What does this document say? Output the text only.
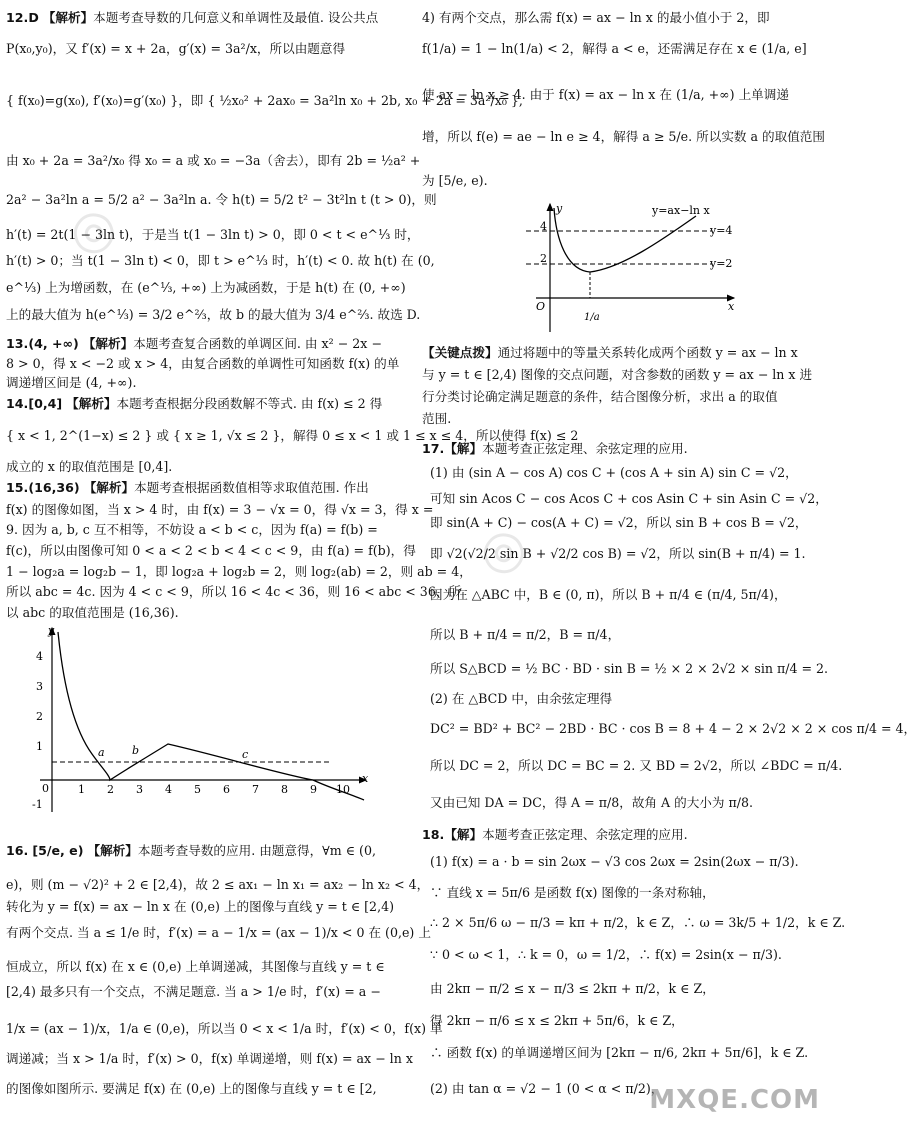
12.D 【解析】本题考查导数的几何意义和单调性及最值. 设公共点
P(x₀,y₀)，又 f′(x) = x + 2a，g′(x) = 3a²/x，所以由题意得
{ f(x₀)=g(x₀), f′(x₀)=g′(x₀) }，即 { ½x₀² + 2ax₀ = 3a²ln x₀ + 2b, x₀ + 2a = 3a²/x₀ },
由 x₀ + 2a = 3a²/x₀ 得 x₀ = a 或 x₀ = −3a（舍去），即有 2b = ½a² +
2a² − 3a²ln a = 5/2 a² − 3a²ln a. 令 h(t) = 5/2 t² − 3t²ln t (t > 0)，则
h′(t) = 2t(1 − 3ln t)，于是当 t(1 − 3ln t) > 0，即 0 < t < e^⅓ 时，
h′(t) > 0；当 t(1 − 3ln t) < 0，即 t > e^⅓ 时，h′(t) < 0. 故 h(t) 在 (0,
e^⅓) 上为增函数，在 (e^⅓, +∞) 上为减函数，于是 h(t) 在 (0, +∞)
上的最大值为 h(e^⅓) = 3/2 e^⅔，故 b 的最大值为 3/4 e^⅔. 故选 D.
13.(4, +∞) 【解析】本题考查复合函数的单调区间. 由 x² − 2x −
8 > 0，得 x < −2 或 x > 4，由复合函数的单调性可知函数 f(x) 的单
调递增区间是 (4, +∞).
14.[0,4] 【解析】本题考查根据分段函数解不等式. 由 f(x) ≤ 2 得
{ x < 1, 2^(1−x) ≤ 2 } 或 { x ≥ 1, √x ≤ 2 }，解得 0 ≤ x < 1 或 1 ≤ x ≤ 4，所以使得 f(x) ≤ 2
成立的 x 的取值范围是 [0,4].
15.(16,36) 【解析】本题考查根据函数值相等求取值范围. 作出
f(x) 的图像如图，当 x > 4 时，由 f(x) = 3 − √x = 0，得 √x = 3，得 x =
9. 因为 a, b, c 互不相等，不妨设 a < b < c，因为 f(a) = f(b) =
f(c)，所以由图像可知 0 < a < 2 < b < 4 < c < 9，由 f(a) = f(b)，得
1 − log₂a = log₂b − 1，即 log₂a + log₂b = 2，则 log₂(ab) = 2，则 ab = 4，
所以 abc = 4c. 因为 4 < c < 9，所以 16 < 4c < 36，则 16 < abc < 36，所
以 abc 的取值范围是 (16,36).
y
x
4
3
2
1
0
-1
1 2 3 4 5 6 7 8 9 10
a b	c
16. [5/e, e) 【解析】本题考查导数的应用. 由题意得，∀m ∈ (0,
e)，则 (m − √2)² + 2 ∈ [2,4)，故 2 ≤ ax₁ − ln x₁ = ax₂ − ln x₂ < 4，
转化为 y = f(x) = ax − ln x 在 (0,e) 上的图像与直线 y = t ∈ [2,4)
有两个交点. 当 a ≤ 1/e 时，f′(x) = a − 1/x = (ax − 1)/x < 0 在 (0,e) 上
恒成立，所以 f(x) 在 x ∈ (0,e) 上单调递减，其图像与直线 y = t ∈
[2,4) 最多只有一个交点，不满足题意. 当 a > 1/e 时，f′(x) = a −
1/x = (ax − 1)/x，1/a ∈ (0,e)，所以当 0 < x < 1/a 时，f′(x) < 0，f(x) 单
调递减；当 x > 1/a 时，f′(x) > 0，f(x) 单调递增，则 f(x) = ax − ln x
的图像如图所示. 要满足 f(x) 在 (0,e) 上的图像与直线 y = t ∈ [2,
4) 有两个交点，那么需 f(x) = ax − ln x 的最小值小于 2，即
f(1/a) = 1 − ln(1/a) < 2，解得 a < e，还需满足存在 x ∈ (1/a, e]
使 ax − ln x ≥ 4. 由于 f(x) = ax − ln x 在 (1/a, +∞) 上单调递
增，所以 f(e) = ae − ln e ≥ 4，解得 a ≥ 5/e. 所以实数 a 的取值范围
为 [5/e, e).
y
x
O
4
2
y=4
y=2
y=ax−ln x
1/a
【关键点拨】通过将题中的等量关系转化成两个函数 y = ax − ln x
与 y = t ∈ [2,4) 图像的交点问题，对含参数的函数 y = ax − ln x 进
行分类讨论确定满足题意的条件，结合图像分析，求出 a 的取值
范围.
17.【解】本题考查正弦定理、余弦定理的应用.
(1) 由 (sin A − cos A) cos C + (cos A + sin A) sin C = √2，
可知 sin Acos C − cos Acos C + cos Asin C + sin Asin C = √2，
即 sin(A + C) − cos(A + C) = √2，所以 sin B + cos B = √2，
即 √2(√2/2 sin B + √2/2 cos B) = √2，所以 sin(B + π/4) = 1.
因为在 △ABC 中，B ∈ (0, π)，所以 B + π/4 ∈ (π/4, 5π/4)，
所以 B + π/4 = π/2，B = π/4，
所以 S△BCD = ½ BC · BD · sin B = ½ × 2 × 2√2 × sin π/4 = 2.
(2) 在 △BCD 中，由余弦定理得
DC² = BD² + BC² − 2BD · BC · cos B = 8 + 4 − 2 × 2√2 × 2 × cos π/4 = 4，
所以 DC = 2，所以 DC = BC = 2. 又 BD = 2√2，所以 ∠BDC = π/4.
又由已知 DA = DC，得 A = π/8，故角 A 的大小为 π/8.
18.【解】本题考查正弦定理、余弦定理的应用.
(1) f(x) = a · b = sin 2ωx − √3 cos 2ωx = 2sin(2ωx − π/3).
∵ 直线 x = 5π/6 是函数 f(x) 图像的一条对称轴，
∴ 2 × 5π/6 ω − π/3 = kπ + π/2，k ∈ Z，∴ ω = 3k/5 + 1/2，k ∈ Z.
∵ 0 < ω < 1，∴ k = 0，ω = 1/2，∴ f(x) = 2sin(x − π/3).
由 2kπ − π/2 ≤ x − π/3 ≤ 2kπ + π/2，k ∈ Z，
得 2kπ − π/6 ≤ x ≤ 2kπ + 5π/6，k ∈ Z，
∴ 函数 f(x) 的单调递增区间为 [2kπ − π/6, 2kπ + 5π/6]，k ∈ Z.
(2) 由 tan α = √2 − 1 (0 < α < π/2)，
◎
◎
MXQE.COM
